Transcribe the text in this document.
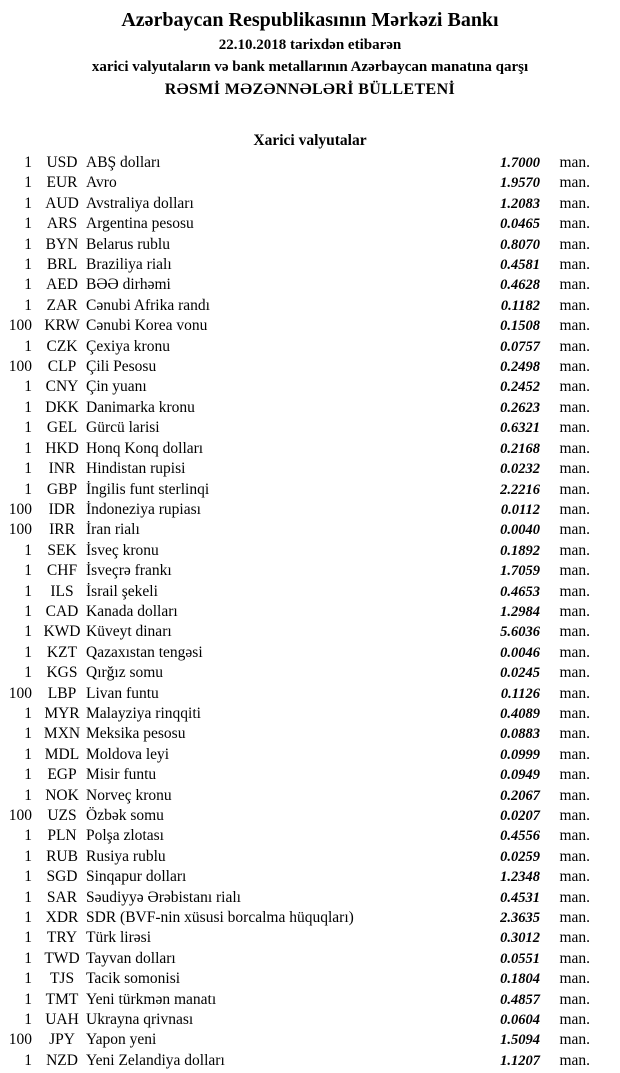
Azərbaycan Respublikasının Mərkəzi Bankı
22.10.2018 tarixdən etibarən
xarici valyutaların və bank metallarının Azərbaycan manatına qarşı
RƏSMİ MƏZƏNNƏLƏRİ BÜLLETENİ
Xarici valyutalar
1 USD ABŞ dolları	1.7000	man.
1 EUR Avro	1.9570	man.
1 AUD Avstraliya dolları	1.2083	man.
1 ARS Argentina pesosu	0.0465	man.
1 BYN Belarus rublu	0.8070	man.
1 BRL Braziliya rialı	0.4581	man.
1 AED BƏƏ dirhəmi	0.4628	man.
1 ZAR Cənubi Afrika randı	0.1182	man.
100 KRW Cənubi Korea vonu	0.1508	man.
1 CZK Çexiya kronu	0.0757	man.
100	CLP Çili Pesosu	0.2498	man.
1 CNY Çin yuanı	0.2452	man.
1 DKK Danimarka kronu	0.2623	man.
1 GEL Gürcü larisi	0.6321	man.
1 HKD Honq Konq dolları	0.2168	man.
1	INR Hindistan rupisi	0.0232	man.
1 GBP İngilis funt sterlinqi	2.2216	man.
100	IDR İndoneziya rupiası	0.0112	man.
100	IRR İran rialı	0.0040	man.
1 SEK İsveç kronu	0.1892	man.
1 CHF İsveçrə frankı	1.7059	man.
1	ILS İsrail şekeli	0.4653	man.
1 CAD Kanada dolları	1.2984	man.
1 KWD Küveyt dinarı	5.6036	man.
1 KZT Qazaxıstan tengəsi	0.0046	man.
1 KGS Qırğız somu	0.0245	man.
100	LBP Livan funtu	0.1126	man.
1 MYR Malayziya rinqqiti	0.4089	man.
1 MXN Meksika pesosu	0.0883	man.
1 MDL Moldova leyi	0.0999	man.
1 EGP Misir funtu	0.0949	man.
1 NOK Norveç kronu	0.2067	man.
100 UZS Özbək somu	0.0207	man.
1 PLN Polşa zlotası	0.4556	man.
1 RUB Rusiya rublu	0.0259	man.
1 SGD Sinqapur dolları	1.2348	man.
1 SAR Səudiyyə Ərəbistanı rialı	0.4531	man.
1 XDR SDR (BVF-nin xüsusi borcalma hüquqları)	2.3635	man.
1 TRY Türk lirəsi	0.3012	man.
1 TWD Tayvan dolları	0.0551	man.
1	TJS Tacik somonisi	0.1804	man.
1 TMT Yeni türkmən manatı	0.4857	man.
1 UAH Ukrayna qrivnası	0.0604	man.
100	JPY Yapon yeni	1.5094	man.
1 NZD Yeni Zelandiya dolları	1.1207	man.
